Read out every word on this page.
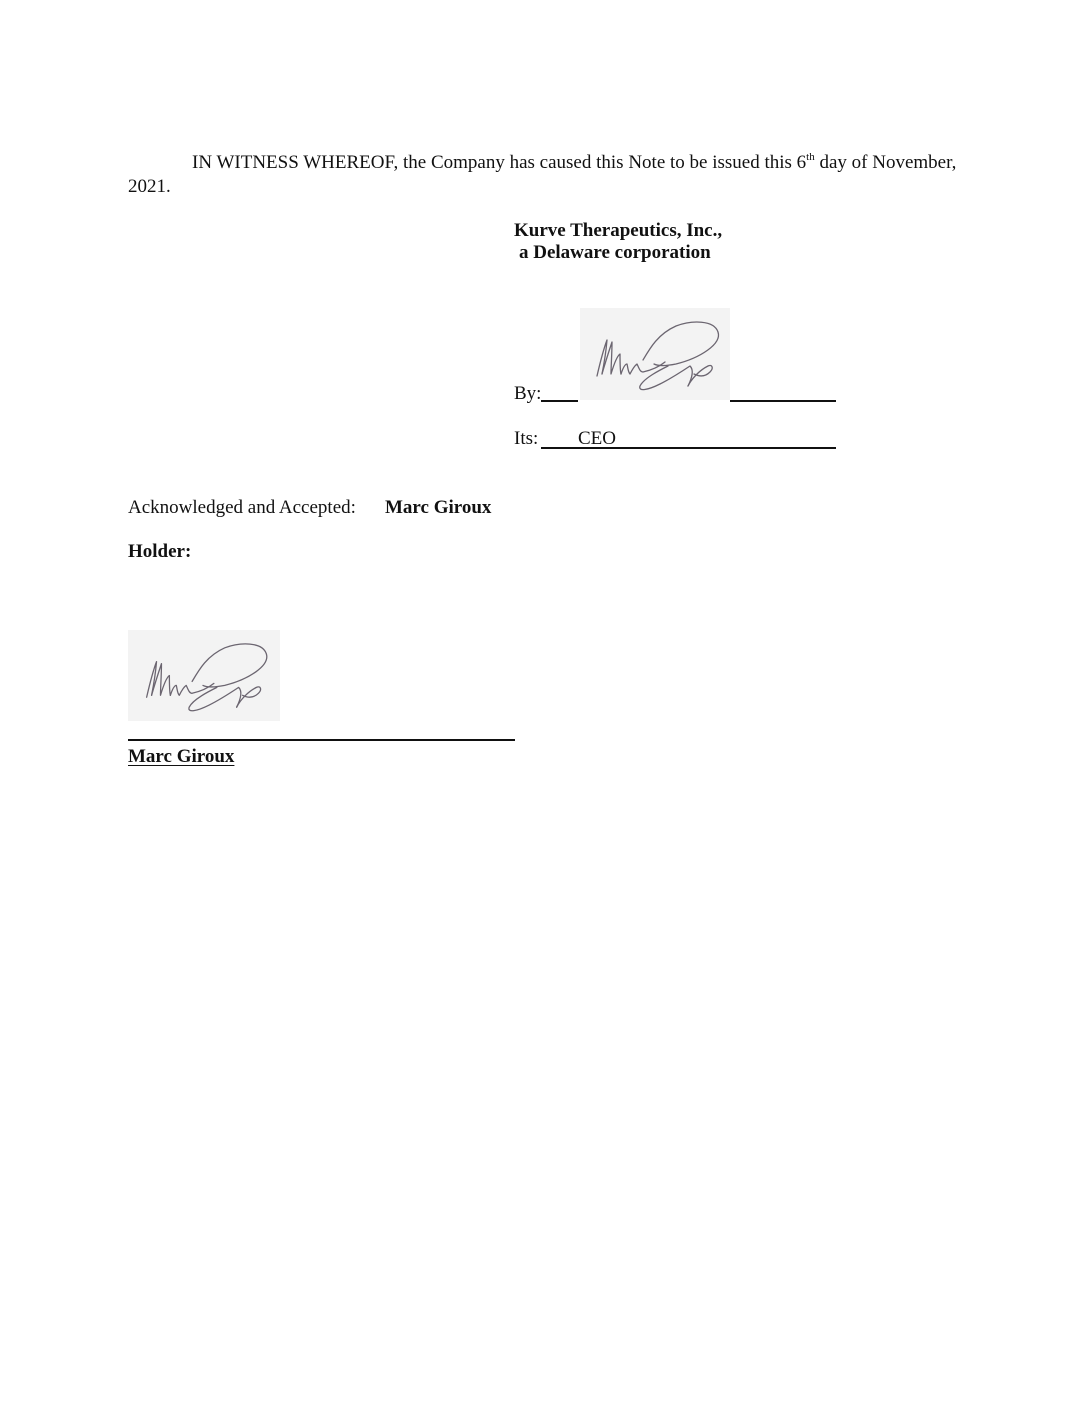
IN WITNESS WHEREOF, the Company has caused this Note to be issued this 6th day of November,
2021.
Kurve Therapeutics, Inc.,
a Delaware corporation
By:
Its: CEO
Acknowledged and Accepted: Marc Giroux
Holder:
Marc Giroux
